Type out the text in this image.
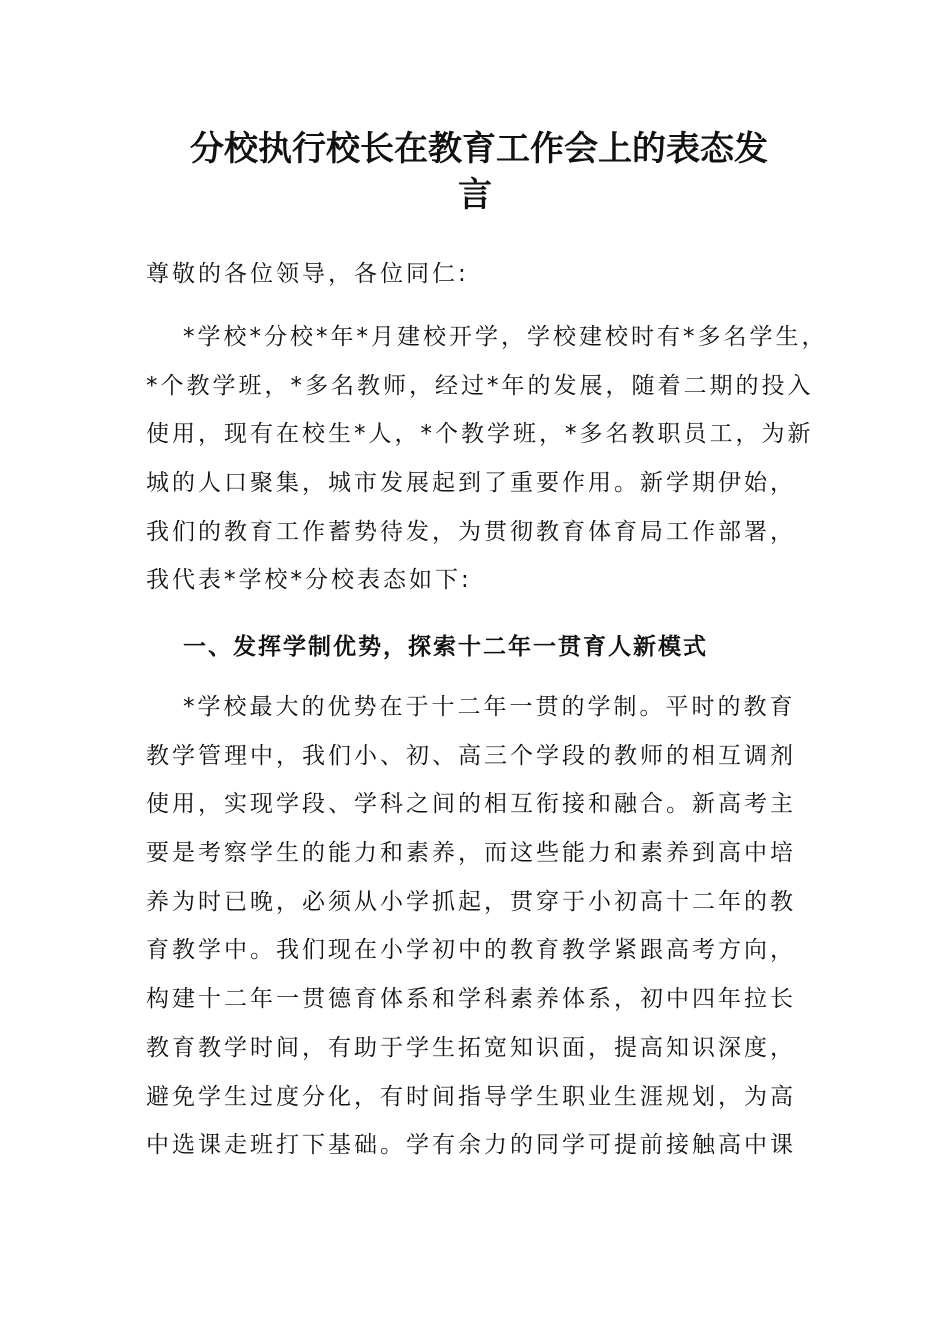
分校执行校长在教育工作会上的表态发
言
尊敬的各位领导，各位同仁:
*学校*分校*年*月建校开学，学校建校时有*多名学生，
*个教学班，*多名教师，经过*年的发展，随着二期的投入
使用，现有在校生*人，*个教学班，*多名教职员工，为新
城的人口聚集，城市发展起到了重要作用。新学期伊始，
我们的教育工作蓄势待发，为贯彻教育体育局工作部署，
我代表*学校*分校表态如下:
一、发挥学制优势，探索十二年一贯育人新模式
*学校最大的优势在于十二年一贯的学制。平时的教育
教学管理中，我们小、初、高三个学段的教师的相互调剂
使用，实现学段、学科之间的相互衔接和融合。新高考主
要是考察学生的能力和素养，而这些能力和素养到高中培
养为时已晚，必须从小学抓起，贯穿于小初高十二年的教
育教学中。我们现在小学初中的教育教学紧跟高考方向，
构建十二年一贯德育体系和学科素养体系，初中四年拉长
教育教学时间，有助于学生拓宽知识面，提高知识深度，
避免学生过度分化，有时间指导学生职业生涯规划，为高
中选课走班打下基础。学有余力的同学可提前接触高中课
